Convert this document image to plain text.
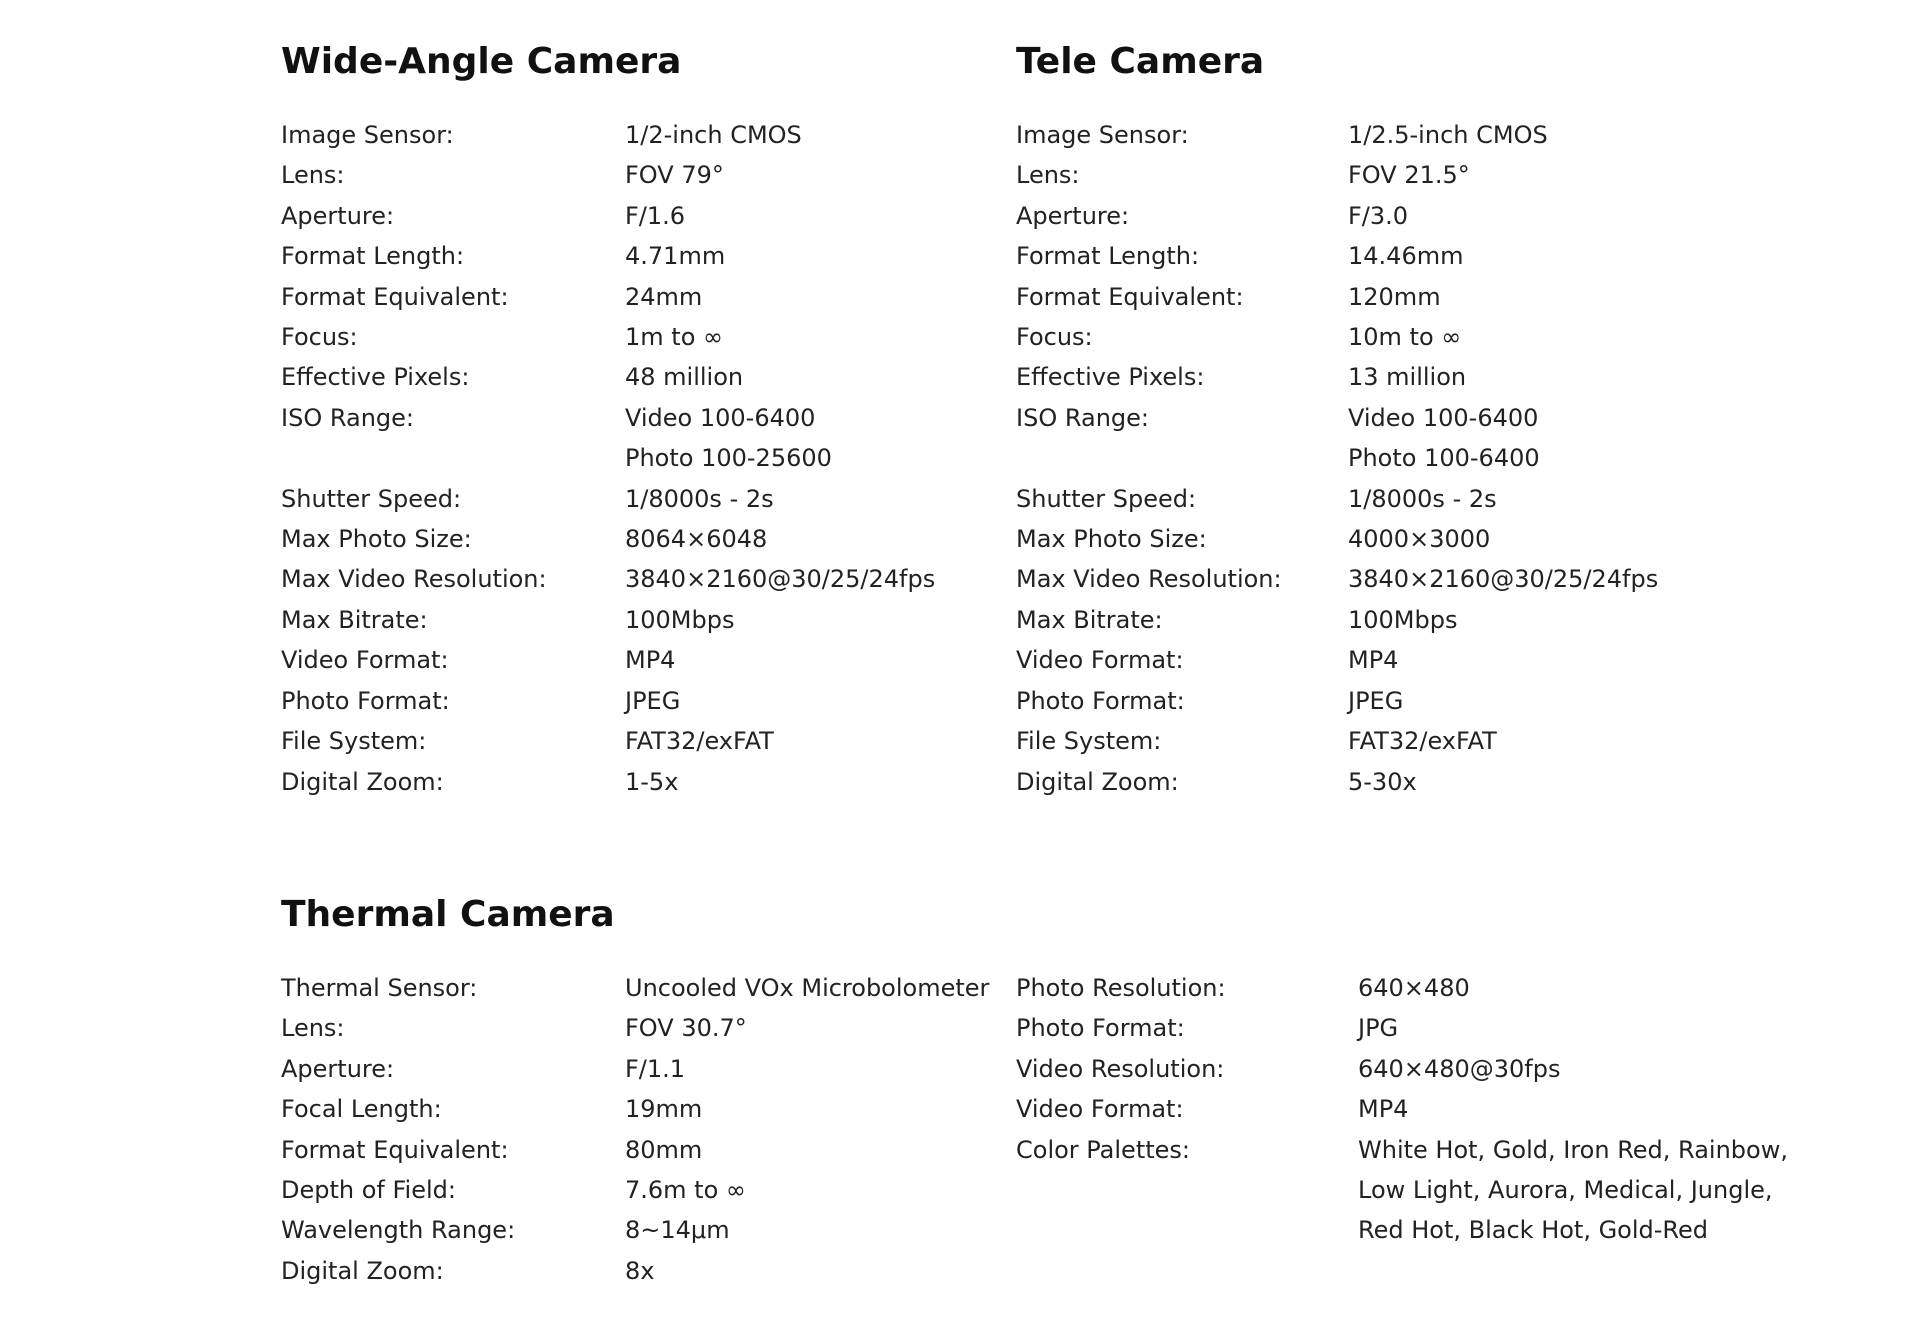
Wide-Angle Camera
Image Sensor:	1/2-inch CMOS
Lens:	FOV 79°
Aperture:	F/1.6
Format Length:	4.71mm
Format Equivalent:	24mm
Focus:	1m to ∞
Effective Pixels:	48 million
ISO Range:	Video 100-6400
Photo 100-25600
Shutter Speed:	1/8000s - 2s
Max Photo Size:	8064×6048
Max Video Resolution:	3840×2160@30/25/24fps
Max Bitrate:	100Mbps
Video Format:	MP4
Photo Format:	JPEG
File System:	FAT32/exFAT
Digital Zoom:	1-5x
Tele Camera
Image Sensor:	1/2.5-inch CMOS
Lens:	FOV 21.5°
Aperture:	F/3.0
Format Length:	14.46mm
Format Equivalent:	120mm
Focus:	10m to ∞
Effective Pixels:	13 million
ISO Range:	Video 100-6400
Photo 100-6400
Shutter Speed:	1/8000s - 2s
Max Photo Size:	4000×3000
Max Video Resolution:	3840×2160@30/25/24fps
Max Bitrate:	100Mbps
Video Format:	MP4
Photo Format:	JPEG
File System:	FAT32/exFAT
Digital Zoom:	5-30x
Thermal Camera
Thermal Sensor:	Uncooled VOx Microbolometer
Lens:	FOV 30.7°
Aperture:	F/1.1
Focal Length:	19mm
Format Equivalent:	80mm
Depth of Field:	7.6m to ∞
Wavelength Range:	8~14μm
Digital Zoom:	8x
Photo Resolution:	640×480
Photo Format:	JPG
Video Resolution:	640×480@30fps
Video Format:	MP4
Color Palettes:	White Hot, Gold, Iron Red, Rainbow,
Low Light, Aurora, Medical, Jungle,
Red Hot, Black Hot, Gold-Red
